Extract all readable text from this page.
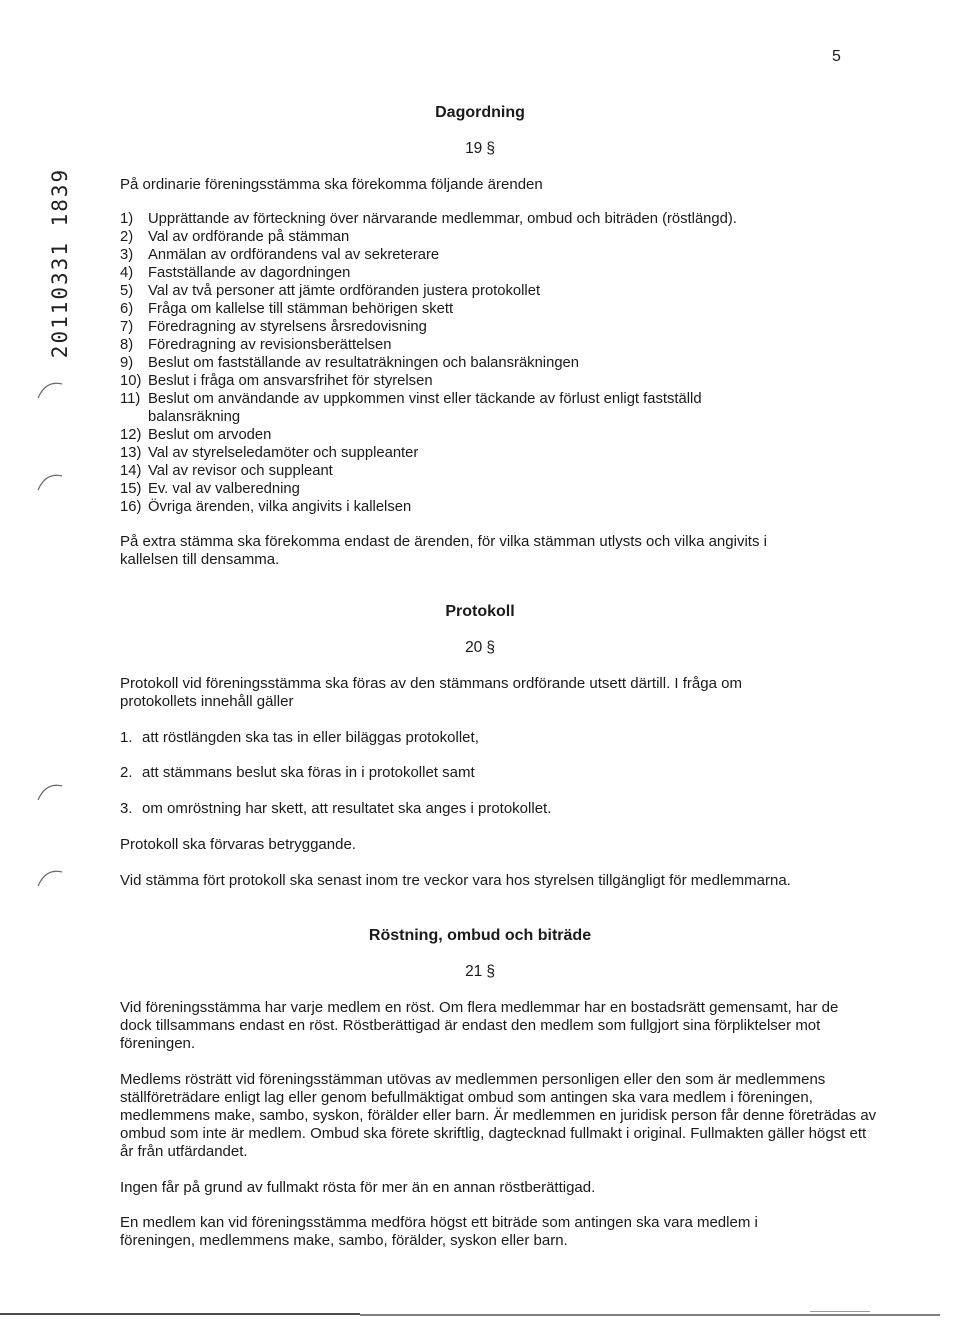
5
20110331 1839
Dagordning
19 §

På ordinarie föreningsstämma ska förekomma följande ärenden

1)	Upprättande av förteckning över närvarande medlemmar, ombud och biträden (röstlängd).
2)	Val av ordförande på stämman
3)	Anmälan av ordförandens val av sekreterare
4)	Fastställande av dagordningen
5)	Val av två personer att jämte ordföranden justera protokollet
6)	Fråga om kallelse till stämman behörigen skett
7)	Föredragning av styrelsens årsredovisning
8)	Föredragning av revisionsberättelsen
9)	Beslut om fastställande av resultaträkningen och balansräkningen
10) Beslut i fråga om ansvarsfrihet för styrelsen
11) Beslut om användande av uppkommen vinst eller täckande av förlust enligt fastställd balansräkning
12) Beslut om arvoden
13) Val av styrelseledamöter och suppleanter
14) Val av revisor och suppleant
15) Ev. val av valberedning
16) Övriga ärenden, vilka angivits i kallelsen

På extra stämma ska förekomma endast de ärenden, för vilka stämman utlysts och vilka angivits i kallelsen till densamma.

Protokoll
20 §

Protokoll vid föreningsstämma ska föras av den stämmans ordförande utsett därtill. I fråga om protokollets innehåll gäller

1. att röstlängden ska tas in eller biläggas protokollet,
2. att stämmans beslut ska föras in i protokollet samt
3. om omröstning har skett, att resultatet ska anges i protokollet.

Protokoll ska förvaras betryggande.

Vid stämma fört protokoll ska senast inom tre veckor vara hos styrelsen tillgängligt för medlemmarna.

Röstning, ombud och biträde
21 §

Vid föreningsstämma har varje medlem en röst. Om flera medlemmar har en bostadsrätt gemensamt, har de dock tillsammans endast en röst. Röstberättigad är endast den medlem som fullgjort sina förpliktelser mot föreningen.

Medlems rösträtt vid föreningsstämman utövas av medlemmen personligen eller den som är medlemmens ställföreträdare enligt lag eller genom befullmäktigat ombud som antingen ska vara medlem i föreningen, medlemmens make, sambo, syskon, förälder eller barn. Är medlemmen en juridisk person får denne företrädas av ombud som inte är medlem. Ombud ska förete skriftlig, dagtecknad fullmakt i original. Fullmakten gäller högst ett år från utfärdandet.

Ingen får på grund av fullmakt rösta för mer än en annan röstberättigad.

En medlem kan vid föreningsstämma medföra högst ett biträde som antingen ska vara medlem i föreningen, medlemmens make, sambo, förälder, syskon eller barn.
